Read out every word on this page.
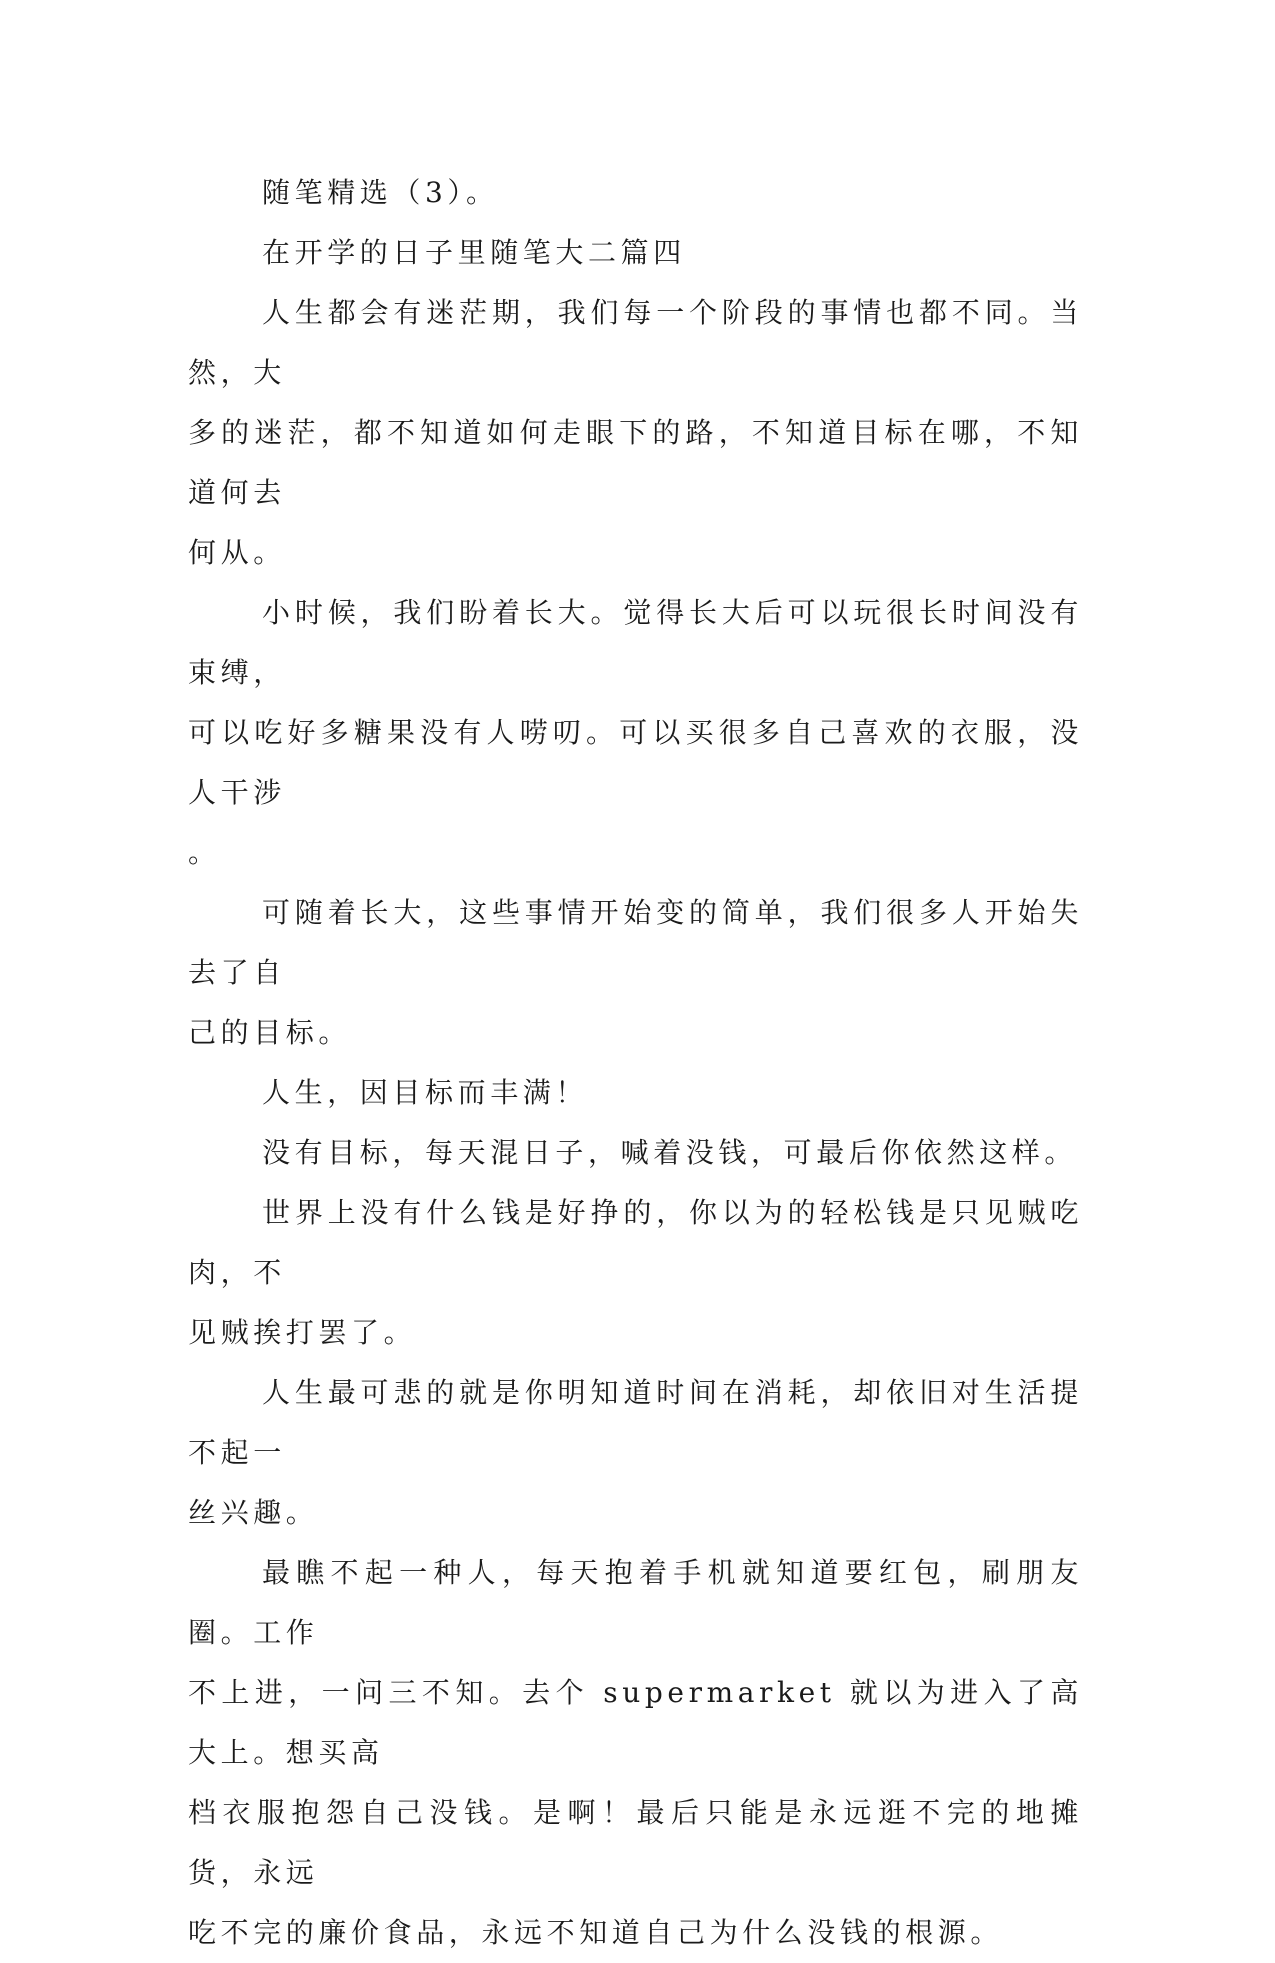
随笔精选（3）。

在开学的日子里随笔大二篇四

人生都会有迷茫期，我们每一个阶段的事情也都不同。当然，大
多的迷茫，都不知道如何走眼下的路，不知道目标在哪，不知道何去
何从。

小时候，我们盼着长大。觉得长大后可以玩很长时间没有束缚，
可以吃好多糖果没有人唠叨。可以买很多自己喜欢的衣服，没人干涉
。

可随着长大，这些事情开始变的简单，我们很多人开始失去了自
己的目标。

人生，因目标而丰满！

没有目标，每天混日子，喊着没钱，可最后你依然这样。

世界上没有什么钱是好挣的，你以为的轻松钱是只见贼吃肉，不
见贼挨打罢了。

人生最可悲的就是你明知道时间在消耗，却依旧对生活提不起一
丝兴趣。

最瞧不起一种人，每天抱着手机就知道要红包，刷朋友圈。工作
不上进，一问三不知。去个 supermarket 就以为进入了高大上。想买高
档衣服抱怨自己没钱。是啊！最后只能是永远逛不完的地摊货，永远
吃不完的廉价食品，永远不知道自己为什么没钱的根源。
